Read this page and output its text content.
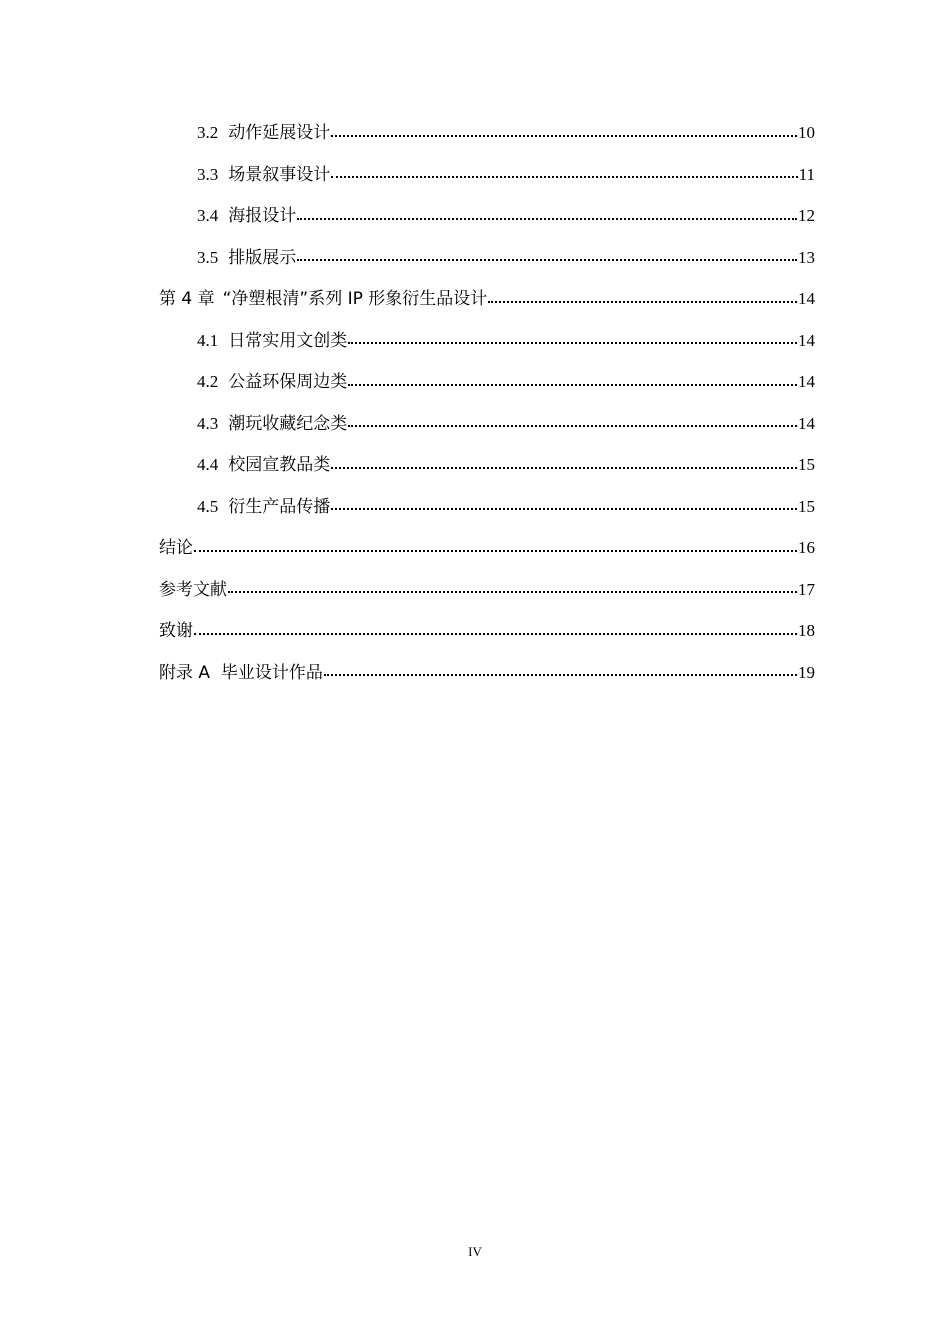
3.2 动作延展设计	10
3.3 场景叙事设计	11
3.4 海报设计	12
3.5 排版展示	13
第 4 章 “净塑根清”系列 IP 形象衍生品设计	14
4.1 日常实用文创类	14
4.2 公益环保周边类	14
4.3 潮玩收藏纪念类	14
4.4 校园宣教品类	15
4.5 衍生产品传播	15
结论	16
参考文献	17
致谢	18
附录 A  毕业设计作品	19
IV
